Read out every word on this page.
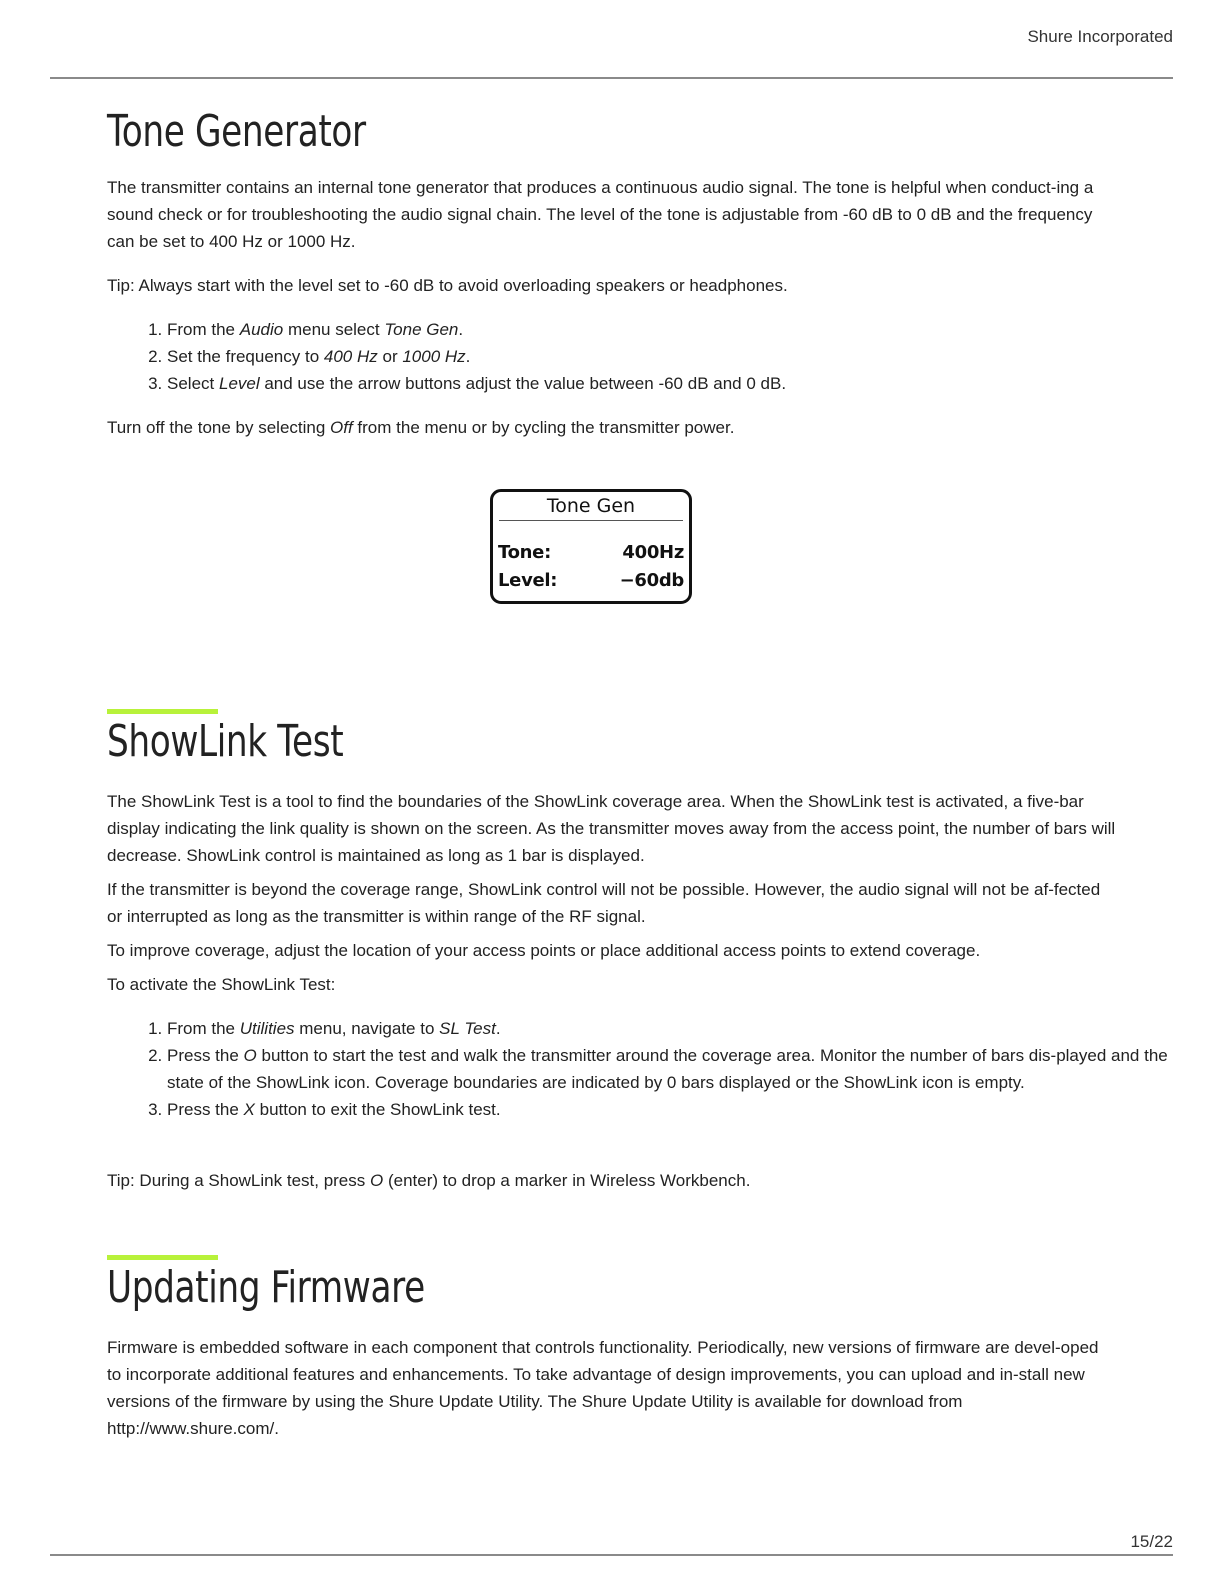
Shure Incorporated
Tone Generator

The transmitter contains an internal tone generator that produces a continuous audio signal. The tone is helpful when conduct-ing a sound check or for troubleshooting the audio signal chain. The level of the tone is adjustable from -60 dB to 0 dB and the frequency can be set to 400 Hz or 1000 Hz.

Tip: Always start with the level set to -60 dB to avoid overloading speakers or headphones.

1. From the Audio menu select Tone Gen.
2. Set the frequency to 400 Hz or 1000 Hz.
3. Select Level and use the arrow buttons adjust the value between -60 dB and 0 dB.

Turn off the tone by selecting Off from the menu or by cycling the transmitter power.

ShowLink Test

The ShowLink Test is a tool to find the boundaries of the ShowLink coverage area. When the ShowLink test is activated, a five-bar display indicating the link quality is shown on the screen. As the transmitter moves away from the access point, the number of bars will decrease. ShowLink control is maintained as long as 1 bar is displayed.

If the transmitter is beyond the coverage range, ShowLink control will not be possible. However, the audio signal will not be af-fected or interrupted as long as the transmitter is within range of the RF signal.

To improve coverage, adjust the location of your access points or place additional access points to extend coverage.

To activate the ShowLink Test:

1. From the Utilities menu, navigate to SL Test.
2. Press the O button to start the test and walk the transmitter around the coverage area. Monitor the number of bars dis-played and the state of the ShowLink icon. Coverage boundaries are indicated by 0 bars displayed or the ShowLink icon is empty.
3. Press the X button to exit the ShowLink test.

Tip: During a ShowLink test, press O (enter) to drop a marker in Wireless Workbench.

Updating Firmware

Firmware is embedded software in each component that controls functionality. Periodically, new versions of firmware are devel-oped to incorporate additional features and enhancements. To take advantage of design improvements, you can upload and in-stall new versions of the firmware by using the Shure Update Utility. The Shure Update Utility is available for download from http://www.shure.com/.

Tone Gen
Tone:	400Hz
Level:	−60db
15/22
